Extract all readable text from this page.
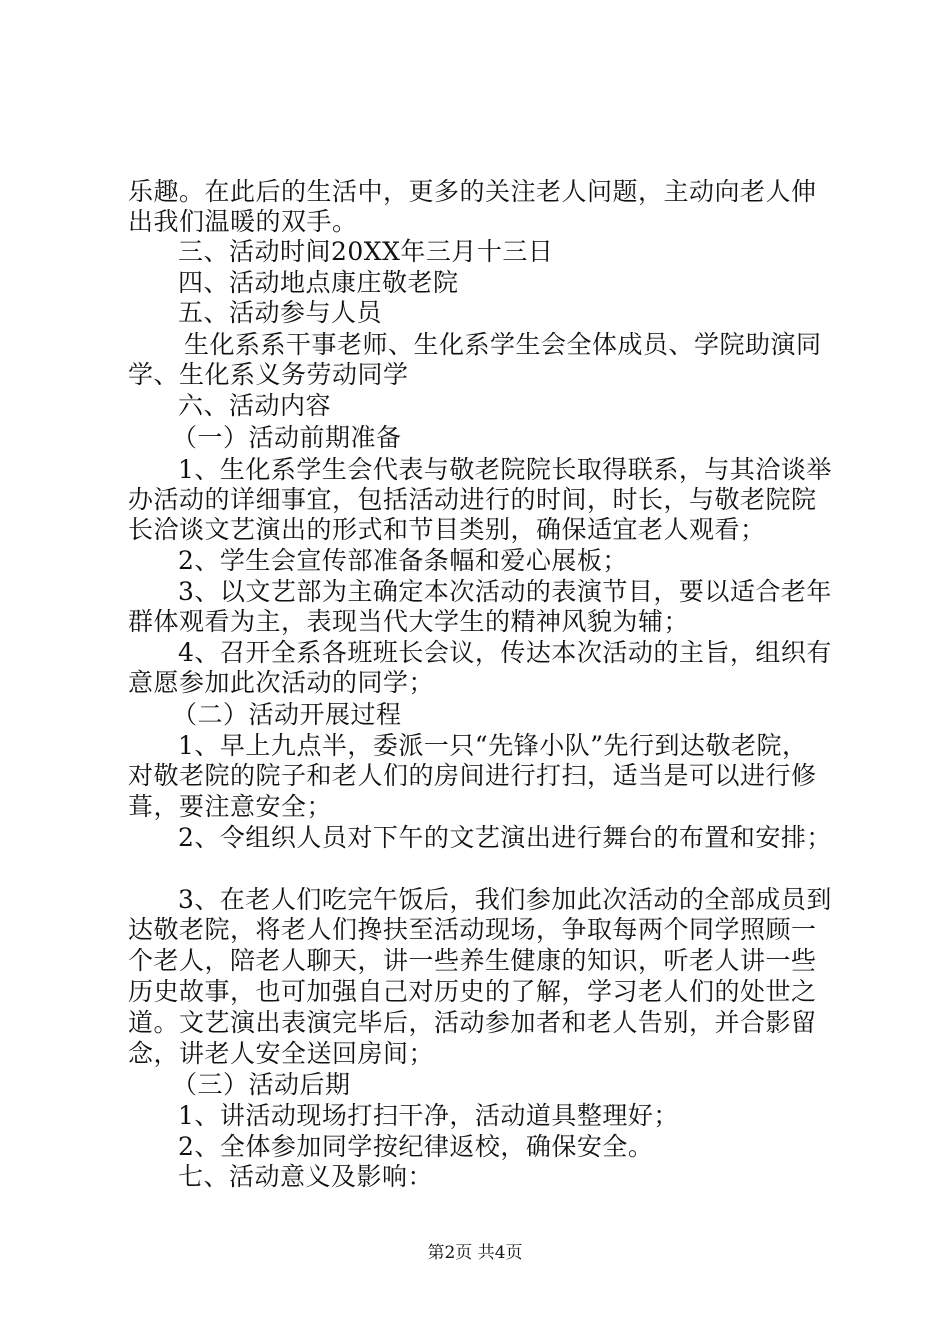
乐趣。在此后的生活中，更多的关注老人问题，主动向老人伸
出我们温暖的双手。
三、活动时间20XX年三月十三日
四、活动地点康庄敬老院
五、活动参与人员
生化系系干事老师、生化系学生会全体成员、学院助演同
学、生化系义务劳动同学
六、活动内容
（一）活动前期准备
1、生化系学生会代表与敬老院院长取得联系，与其洽谈举
办活动的详细事宜，包括活动进行的时间，时长，与敬老院院
长洽谈文艺演出的形式和节目类别，确保适宜老人观看；
2、学生会宣传部准备条幅和爱心展板；
3、以文艺部为主确定本次活动的表演节目，要以适合老年
群体观看为主，表现当代大学生的精神风貌为辅；
4、召开全系各班班长会议，传达本次活动的主旨，组织有
意愿参加此次活动的同学；
（二）活动开展过程
1、早上九点半，委派一只“先锋小队”先行到达敬老院，
对敬老院的院子和老人们的房间进行打扫，适当是可以进行修
葺，要注意安全；
2、令组织人员对下午的文艺演出进行舞台的布置和安排；
3、在老人们吃完午饭后，我们参加此次活动的全部成员到
达敬老院，将老人们搀扶至活动现场，争取每两个同学照顾一
个老人，陪老人聊天，讲一些养生健康的知识，听老人讲一些
历史故事，也可加强自己对历史的了解，学习老人们的处世之
道。文艺演出表演完毕后，活动参加者和老人告别，并合影留
念，讲老人安全送回房间；
（三）活动后期
1、讲活动现场打扫干净，活动道具整理好；
2、全体参加同学按纪律返校，确保安全。
七、活动意义及影响：
第2页 共4页
